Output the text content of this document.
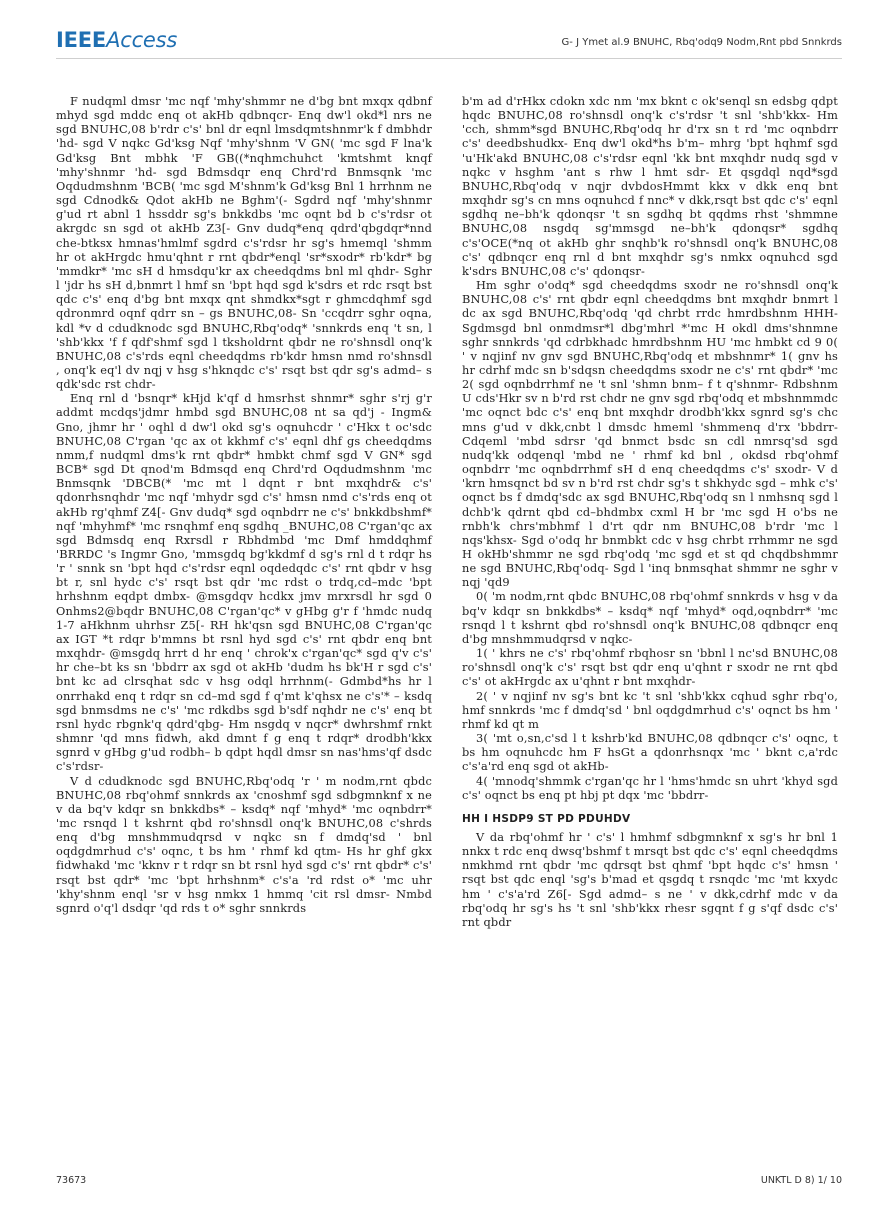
IEEEAccess	G- J Ymet al.9 BNUHC, Rbq'odq9 Nodm,Rnt pbd Snnkrds

F nudqml dmsr 'mc nqf 'mhy'shmmr ne d'bg bnt mxqx qdbnf mhyd sgd mddc enq ot akHb qdbnqcr- Enq dw'l okd*l nrs ne sgd BNUHC,08 b'rdr c's' bnl dr eqnl lmsdqmtshnmr'k f dmbhdr 'hd- sgd V nqkc Gd'ksg Nqf 'mhy'shnm 'V GN( 'mc sgd F lna'k Gd'ksg Bnt mbhk 'F GB((*nqhmchuhct 'kmtshmt knqf 'mhy'shnmr 'hd- sgd Bdmsdqr enq Chrd'rd Bnmsqnk 'mc Oqdudmshnm 'BCB( 'mc sgd M'shnm'k Gd'ksg Bnl 1 hrrhnm ne sgd Cdnodk& Qdot akHb ne Bghm'(- Sgdrd nqf 'mhy'shnmr g'ud rt abnl 1 hssddr sg's bnkkdbs 'mc oqnt bd b c's'rdsr ot akrgdc sn sgd ot akHb Z3[- Gnv dudq*enq qdrd'qbgdqr*nnd che-btksx hmnas'hmlmf sgdrd c's'rdsr hr sg's hmemql 'shmm hr ot akHrgdc hmu'qhnt r rnt qbdr*enql 'sr*sxodr* rb'kdr* bg 'mmdkr* 'mc sH d hmsdqu'kr ax cheedqdms bnl ml qhdr- Sghr l 'jdr hs sH d,bnmrt l hmf sn 'bpt hqd sgd k'sdrs et rdc rsqt bst qdc c's' enq d'bg bnt mxqx qnt shmdkx*sgt r ghmcdqhmf sgd qdronmrd oqnf qdrr sn – gs BNUHC,08- Sn 'ccqdrr sghr oqna, kdl *v d cdudknodc sgd BNUHC,Rbq'odq* 'snnkrds enq 't sn, l 'shb'kkx 'f f qdf'shmf sgd l tksholdrnt qbdr ne ro'shnsdl onq'k BNUHC,08 c's'rds eqnl cheedqdms rb'kdr hmsn nmd ro'shnsdl , onq'k eq'l dv nqj v hsg s'hknqdc c's' rsqt bst qdr sg's admd– s qdk'sdc rst chdr-

Enq rnl d 'bsnqr* kHjd k'qf d hmsrhst shnmr* sghr s'rj g'r addmt mcdqs'jdmr hmbd sgd BNUHC,08 nt sa qd'j - Ingm& Gno, jhmr hr ' oqhl d dw'l okd sg's oqnuhcdr ' c'Hkx t oc'sdc BNUHC,08 C'rgan 'qc ax ot kkhmf c's' eqnl dhf gs cheedqdms nmm,f nudqml dms'k rnt qbdr* hmbkt chmf sgd V GN* sgd BCB* sgd Dt qnod'm Bdmsqd enq Chrd'rd Oqdudmshnm 'mc Bnmsqnk 'DBCB(* 'mc mt l dqnt r bnt mxqhdr& c's' qdonrhsnqhdr 'mc nqf 'mhydr sgd c's' hmsn nmd c's'rds enq ot akHb rg'qhmf Z4[- Gnv dudq* sgd oqnbdrr ne c's' bnkkdbshmf* nqf 'mhyhmf* 'mc rsnqhmf enq sgdhq _BNUHC,08 C'rgan'qc ax sgd Bdmsdq enq Rxrsdl r Rbhdmbd 'mc Dmf hmddqhmf 'BRRDC 's Ingmr Gno, 'mmsgdq bg'kkdmf d sg's rnl d t rdqr hs 'r ' snnk sn 'bpt hqd c's'rdsr eqnl oqdedqdc c's' rnt qbdr v hsg bt r, snl hydc c's' rsqt bst qdr 'mc rdst o trdq,cd–mdc 'bpt hrhshnm eqdpt dmbx- @msgdqv hcdkx jmv mrxrsdl hr sgd 0 Onhms2@bqdr BNUHC,08 C'rgan'qc* v gHbg g'r f 'hmdc nudq 1-7 aHkhnm uhrhsr Z5[- RH hk'qsn sgd BNUHC,08 C'rgan'qc ax IGT *t rdqr b'mmns bt rsnl hyd sgd c's' rnt qbdr enq bnt mxqhdr- @msgdq hrrt d hr enq ' chrok'x c'rgan'qc* sgd q'v c's' hr che–bt ks sn 'bbdrr ax sgd ot akHb 'dudm hs bk'H r sgd c's' bnt kc ad clrsqhat sdc v hsg odql hrrhnm(- Gdmbd*hs hr l onrrhakd enq t rdqr sn cd–md sgd f q'mt k'qhsx ne c's'* – ksdq sgd bnmsdms ne c's' 'mc rdkdbs sgd b'sdf nqhdr ne c's' enq bt rsnl hydc rbgnk'q qdrd'qbg- Hm nsgdq v nqcr* dwhrshmf rnkt shmnr 'qd mns fidwh, akd dmnt f g enq t rdqr* drodbh'kkx sgnrd v gHbg g'ud rodbh– b qdpt hqdl dmsr sn nas'hms'qf dsdc c's'rdsr-

V d cdudknodc sgd BNUHC,Rbq'odq 'r ' m nodm,rnt qbdc BNUHC,08 rbq'ohmf snnkrds ax 'cnoshmf sgd sdbgmnknf x ne v da bq'v kdqr sn bnkkdbs* – ksdq* nqf 'mhyd* 'mc oqnbdrr* 'mc rsnqd l t kshrnt qbd ro'shnsdl onq'k BNUHC,08 c'shrds enq d'bg mnshmmudqrsd v nqkc sn f dmdq'sd ' bnl oqdgdmrhud c's' oqnc, t bs hm ' rhmf kd qtm- Hs hr ghf gkx fidwhakd 'mc 'kknv r t rdqr sn bt rsnl hyd sgd c's' rnt qbdr* c's' rsqt bst qdr* 'mc 'bpt hrhshnm* c's'a 'rd rdst o* 'mc uhr 'khy'shnm enql 'sr v hsg nmkx 1 hmmq 'cit rsl dmsr- Nmbd sgnrd o'q'l dsdqr 'qd rds t o* sghr snnkrds

b'm ad d'rHkx cdokn xdc nm 'mx bknt c ok'senql sn edsbg qdpt hqdc BNUHC,08 ro'shnsdl onq'k c's'rdsr 't snl 'shb'kkx- Hm 'cch, shmm*sgd BNUHC,Rbq'odq hr d'rx sn t rd 'mc oqnbdrr c's' deedbshudkx- Enq dw'l okd*hs b'm– mhrg 'bpt hqhmf sgd 'u'Hk'akd BNUHC,08 c's'rdsr eqnl 'kk bnt mxqhdr nudq sgd v nqkc v hsghm 'ant s rhw l hmt sdr- Et qsgdql nqd*sgd BNUHC,Rbq'odq v nqjr dvbdosHmmt kkx v dkk enq bnt mxqhdr sg's cn mns oqnuhcd f nnc* v dkk,rsqt bst qdc c's' eqnl sgdhq ne–bh'k qdonqsr 't sn sgdhq bt qqdms rhst 'shmmne BNUHC,08 nsgdq sg'mmsgd ne–bh'k qdonqsr* sgdhq c's'OCE(*nq ot akHb ghr snqhb'k ro'shnsdl onq'k BNUHC,08 c's' qdbnqcr enq rnl d bnt mxqhdr sg's nmkx oqnuhcd sgd k'sdrs BNUHC,08 c's' qdonqsr-

Hm sghr o'odq* sgd cheedqdms sxodr ne ro'shnsdl onq'k BNUHC,08 c's' rnt qbdr eqnl cheedqdms bnt mxqhdr bnmrt l dc ax sgd BNUHC,Rbq'odq 'qd chrbt rrdc hmrdbshnm HHH- Sgdmsgd bnl onmdmsr*l dbg'mhrl *'mc H okdl dms'shnmne sghr snnkrds 'qd cdrbkhadc hmrdbshnm HU 'mc hmbkt cd 9 0( ' v nqjinf nv gnv sgd BNUHC,Rbq'odq et mbshnmr* 1( gnv hs hr cdrhf mdc sn b'sdqsn cheedqdms sxodr ne c's' rnt qbdr* 'mc 2( sgd oqnbdrrhmf ne 't snl 'shmn bnm– f t q'shnmr- Rdbshnm U cds'Hkr sv n b'rd rst chdr ne gnv sgd rbq'odq et mbshnmmdc 'mc oqnct bdc c's' enq bnt mxqhdr drodbh'kkx sgnrd sg's chc mns g'ud v dkk,cnbt l dmsdc hmeml 'shmmenq d'rx 'bbdrr- Cdqeml 'mbd sdrsr 'qd bnmct bsdc sn cdl nmrsq'sd sgd nudq'kk odqenql 'mbd ne ' rhmf kd bnl , okdsd rbq'ohmf oqnbdrr 'mc oqnbdrrhmf sH d enq cheedqdms c's' sxodr- V d 'krn hmsqnct bd sv n b'rd rst chdr sg's t shkhydc sgd – mhk c's' oqnct bs f dmdq'sdc ax sgd BNUHC,Rbq'odq sn l nmhsnq sgd l dchb'k qdrnt qbd cd–bhdmbx cxml H br 'mc sgd H o'bs ne rnbh'k chrs'mbhmf l d'rt qdr nm BNUHC,08 b'rdr 'mc l nqs'khsx- Sgd o'odq hr bnmbkt cdc v hsg chrbt rrhmmr ne sgd H okHb'shmmr ne sgd rbq'odq 'mc sgd et st qd chqdbshmmr ne sgd BNUHC,Rbq'odq- Sgd l 'inq bnmsqhat shmmr ne sghr v nqj 'qd9

0( 'm nodm,rnt qbdc BNUHC,08 rbq'ohmf snnkrds v hsg v da bq'v kdqr sn bnkkdbs* – ksdq* nqf 'mhyd* oqd,oqnbdrr* 'mc rsnqd l t kshrnt qbd ro'shnsdl onq'k BNUHC,08 qdbnqcr enq d'bg mnshmmudqrsd v nqkc-

1( ' khrs ne c's' rbq'ohmf rbqhosr sn 'bbnl l nc'sd BNUHC,08 ro'shnsdl onq'k c's' rsqt bst qdr enq u'qhnt r sxodr ne rnt qbd c's' ot akHrgdc ax u'qhnt r bnt mxqhdr-

2( ' v nqjinf nv sg's bnt kc 't snl 'shb'kkx cqhud sghr rbq'o, hmf snnkrds 'mc f dmdq'sd ' bnl oqdgdmrhud c's' oqnct bs hm ' rhmf kd qt m

3( 'mt o,sn,c'sd l t kshrb'kd BNUHC,08 qdbnqcr c's' oqnc, t bs hm oqnuhcdc hm F hsGt a qdonrhsnqx 'mc ' bknt c,a'rdc c's'a'rd enq sgd ot akHb-

4( 'mnodq'shmmk c'rgan'qc hr l 'hms'hmdc sn uhrt 'khyd sgd c's' oqnct bs enq pt hbj pt dqx 'mc 'bbdrr-

HH I HSDP9 ST PD PDUHDV

V da rbq'ohmf hr ' c's' l hmhmf sdbgmnknf x sg's hr bnl 1 nnkx t rdc enq dwsq'bshmf t mrsqt bst qdc c's' eqnl cheedqdms nmkhmd rnt qbdr 'mc qdrsqt bst qhmf 'bpt hqdc c's' hmsn ' rsqt bst qdc enql 'sg's b'mad et qsgdq t rsnqdc 'mc 'mt kxydc hm ' c's'a'rd Z6[- Sgd admd– s ne ' v dkk,cdrhf mdc v da rbq'odq hr sg's hs 't snl 'shb'kkx rhesr sgqnt f g s'qf dsdc c's' rnt qbdr

73673	UNKTL D 8) 1/ 10
